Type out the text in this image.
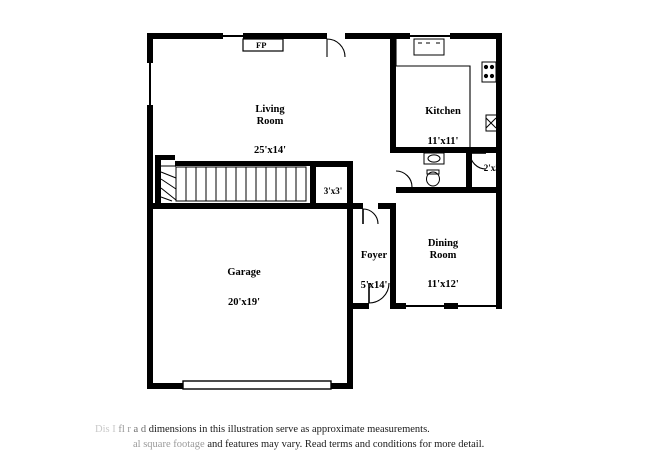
FP

Living
Room

25'x14'

Kitchen

11'x11'

Dining
Room

11'x12'

Foyer

5'x14'

Garage

20'x19'

3'x3'
2'x5'
Dis I fl r a d dimensions in this illustration serve as approximate measurements.
al square footage and features may vary. Read terms and conditions for more detail.
